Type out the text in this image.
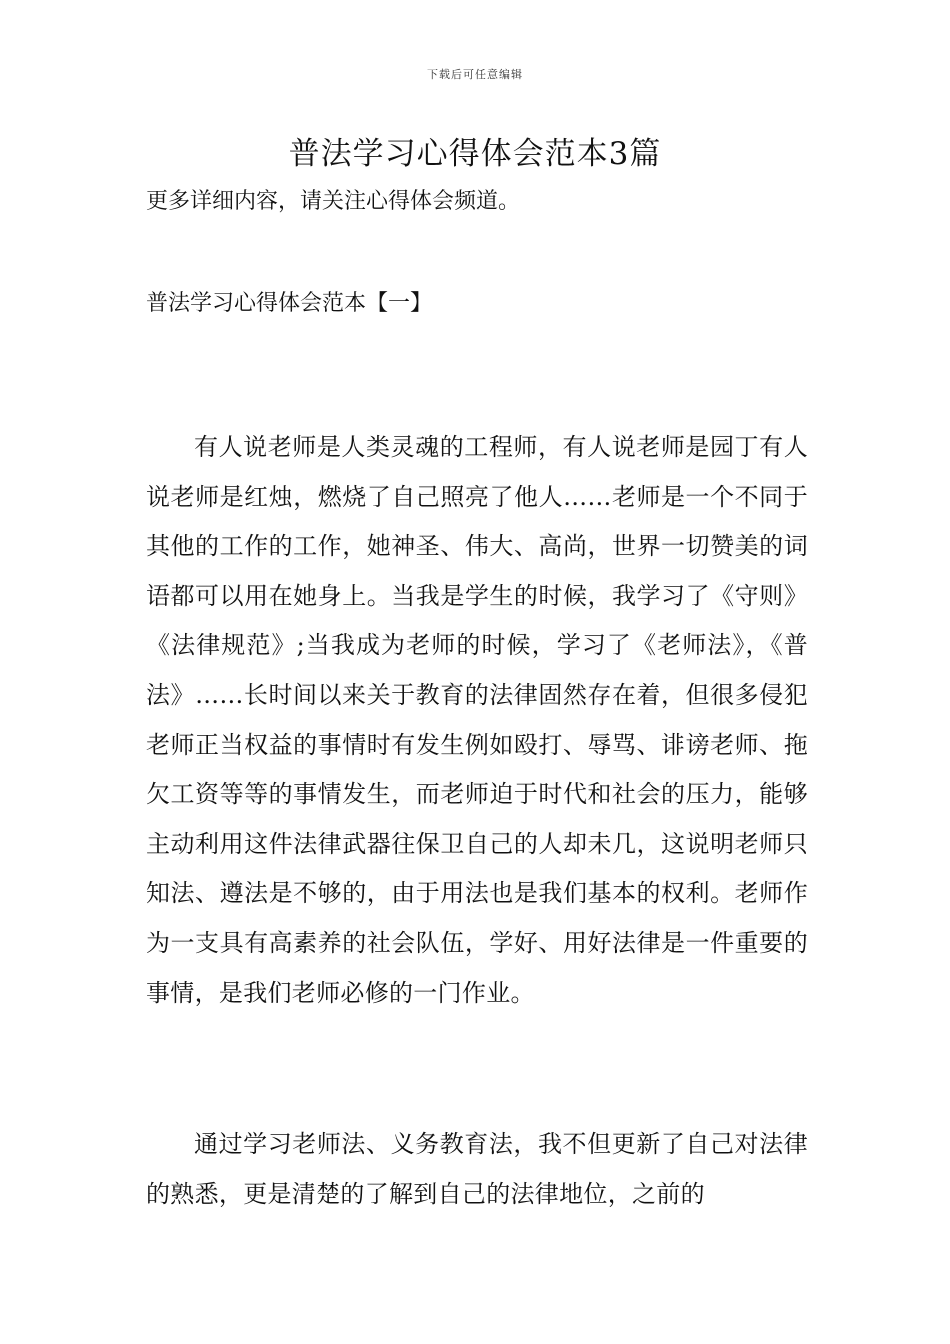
下载后可任意编辑
普法学习心得体会范本3篇

更多详细内容，请关注心得体会频道。

普法学习心得体会范本【一】

有人说老师是人类灵魂的工程师，有人说老师是园丁有人说老师是红烛，燃烧了自己照亮了他人……老师是一个不同于其他的工作的工作，她神圣、伟大、高尚，世界一切赞美的词语都可以用在她身上。当我是学生的时候，我学习了《守则》《法律规范》;当我成为老师的时候，学习了《老师法》，《普法》……长时间以来关于教育的法律固然存在着，但很多侵犯老师正当权益的事情时有发生例如殴打、辱骂、诽谤老师、拖欠工资等等的事情发生，而老师迫于时代和社会的压力，能够主动利用这件法律武器往保卫自己的人却未几，这说明老师只知法、遵法是不够的，由于用法也是我们基本的权利。老师作为一支具有高素养的社会队伍，学好、用好法律是一件重要的事情，是我们老师必修的一门作业。

通过学习老师法、义务教育法，我不但更新了自己对法律的熟悉，更是清楚的了解到自己的法律地位，之前的
